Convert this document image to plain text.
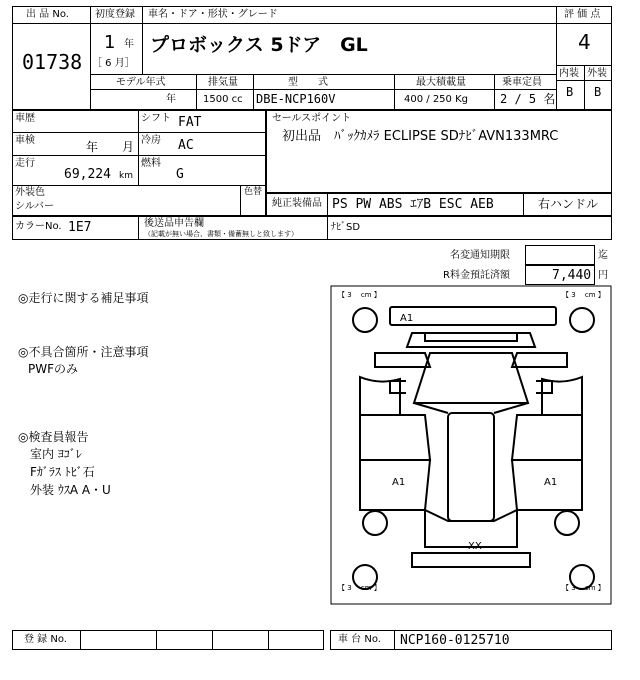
出 品 No.
01738
初度登録 車名・ドア・形状・グレード
1 年
［ 6 月］
プロボックス 5ドア　GL
評 価 点
4
内装 外装
B B
モデル年式
年
排気量
1500 cc
型　　式
DBE-NCP160V
最大積載量
400 / 250 Kg
乗車定員
2 / 5 名
車歴	シフト FAT
車検	年　　月 冷房 AC
走行
69,224 km
燃料
G
外装色
シルバー
色替
セールスポイント
初出品　ﾊﾞｯｸｶﾒﾗ ECLIPSE SDﾅﾋﾞAVN133MRC
純正装備品 PS PW ABS ｴｱB ESC AEB	右ハンドル
カラーNo. 1E7	後送品申告欄
（記載が無い場合、書類・備蓄無しと致します）
ﾅﾋﾞSD
名変通知期限	迄
R料金預託済額	7,440 円
◎走行に関する補足事項
◎不具合箇所・注意事項
PWFのみ
◎検査員報告
室内 ﾖｺﾞﾚ
Fｶﾞﾗｽ ﾄﾋﾞ石
外装 ｳｽA A・U
【 3 　cm 】	【 3 　cm 】
【 3 　cm 】	【 3 　cm 】
A1
A1	A1
XX
登 録 No.	車 台 No. NCP160-0125710
